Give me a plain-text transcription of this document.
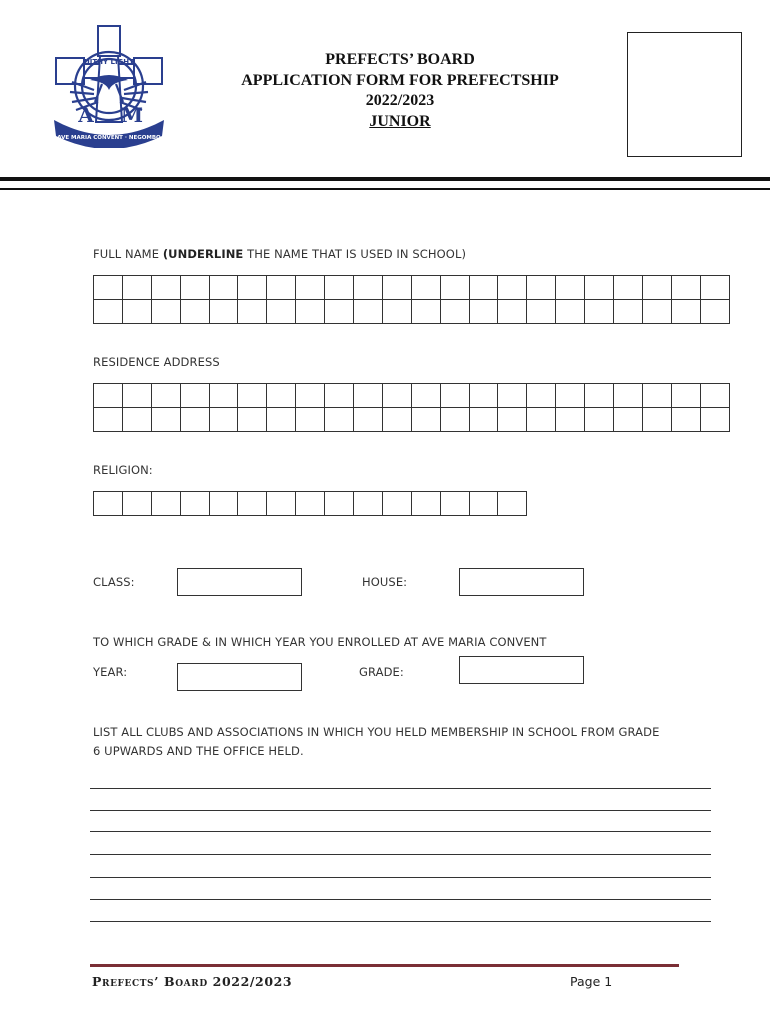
UITHY LIGHT
A M
AVE MARIA CONVENT · NEGOMBO
PREFECTS’ BOARD
APPLICATION FORM FOR PREFECTSHIP
2022/2023
JUNIOR
FULL NAME (UNDERLINE THE NAME THAT IS USED IN SCHOOL)

RESIDENCE ADDRESS

RELIGION:

CLASS:	HOUSE:
TO WHICH GRADE & IN WHICH YEAR YOU ENROLLED AT AVE MARIA CONVENT
YEAR:	GRADE:
LIST ALL CLUBS AND ASSOCIATIONS IN WHICH YOU HELD MEMBERSHIP IN SCHOOL FROM GRADE
6 UPWARDS AND THE OFFICE HELD.
Prefects’ Board 2022/2023	Page 1
